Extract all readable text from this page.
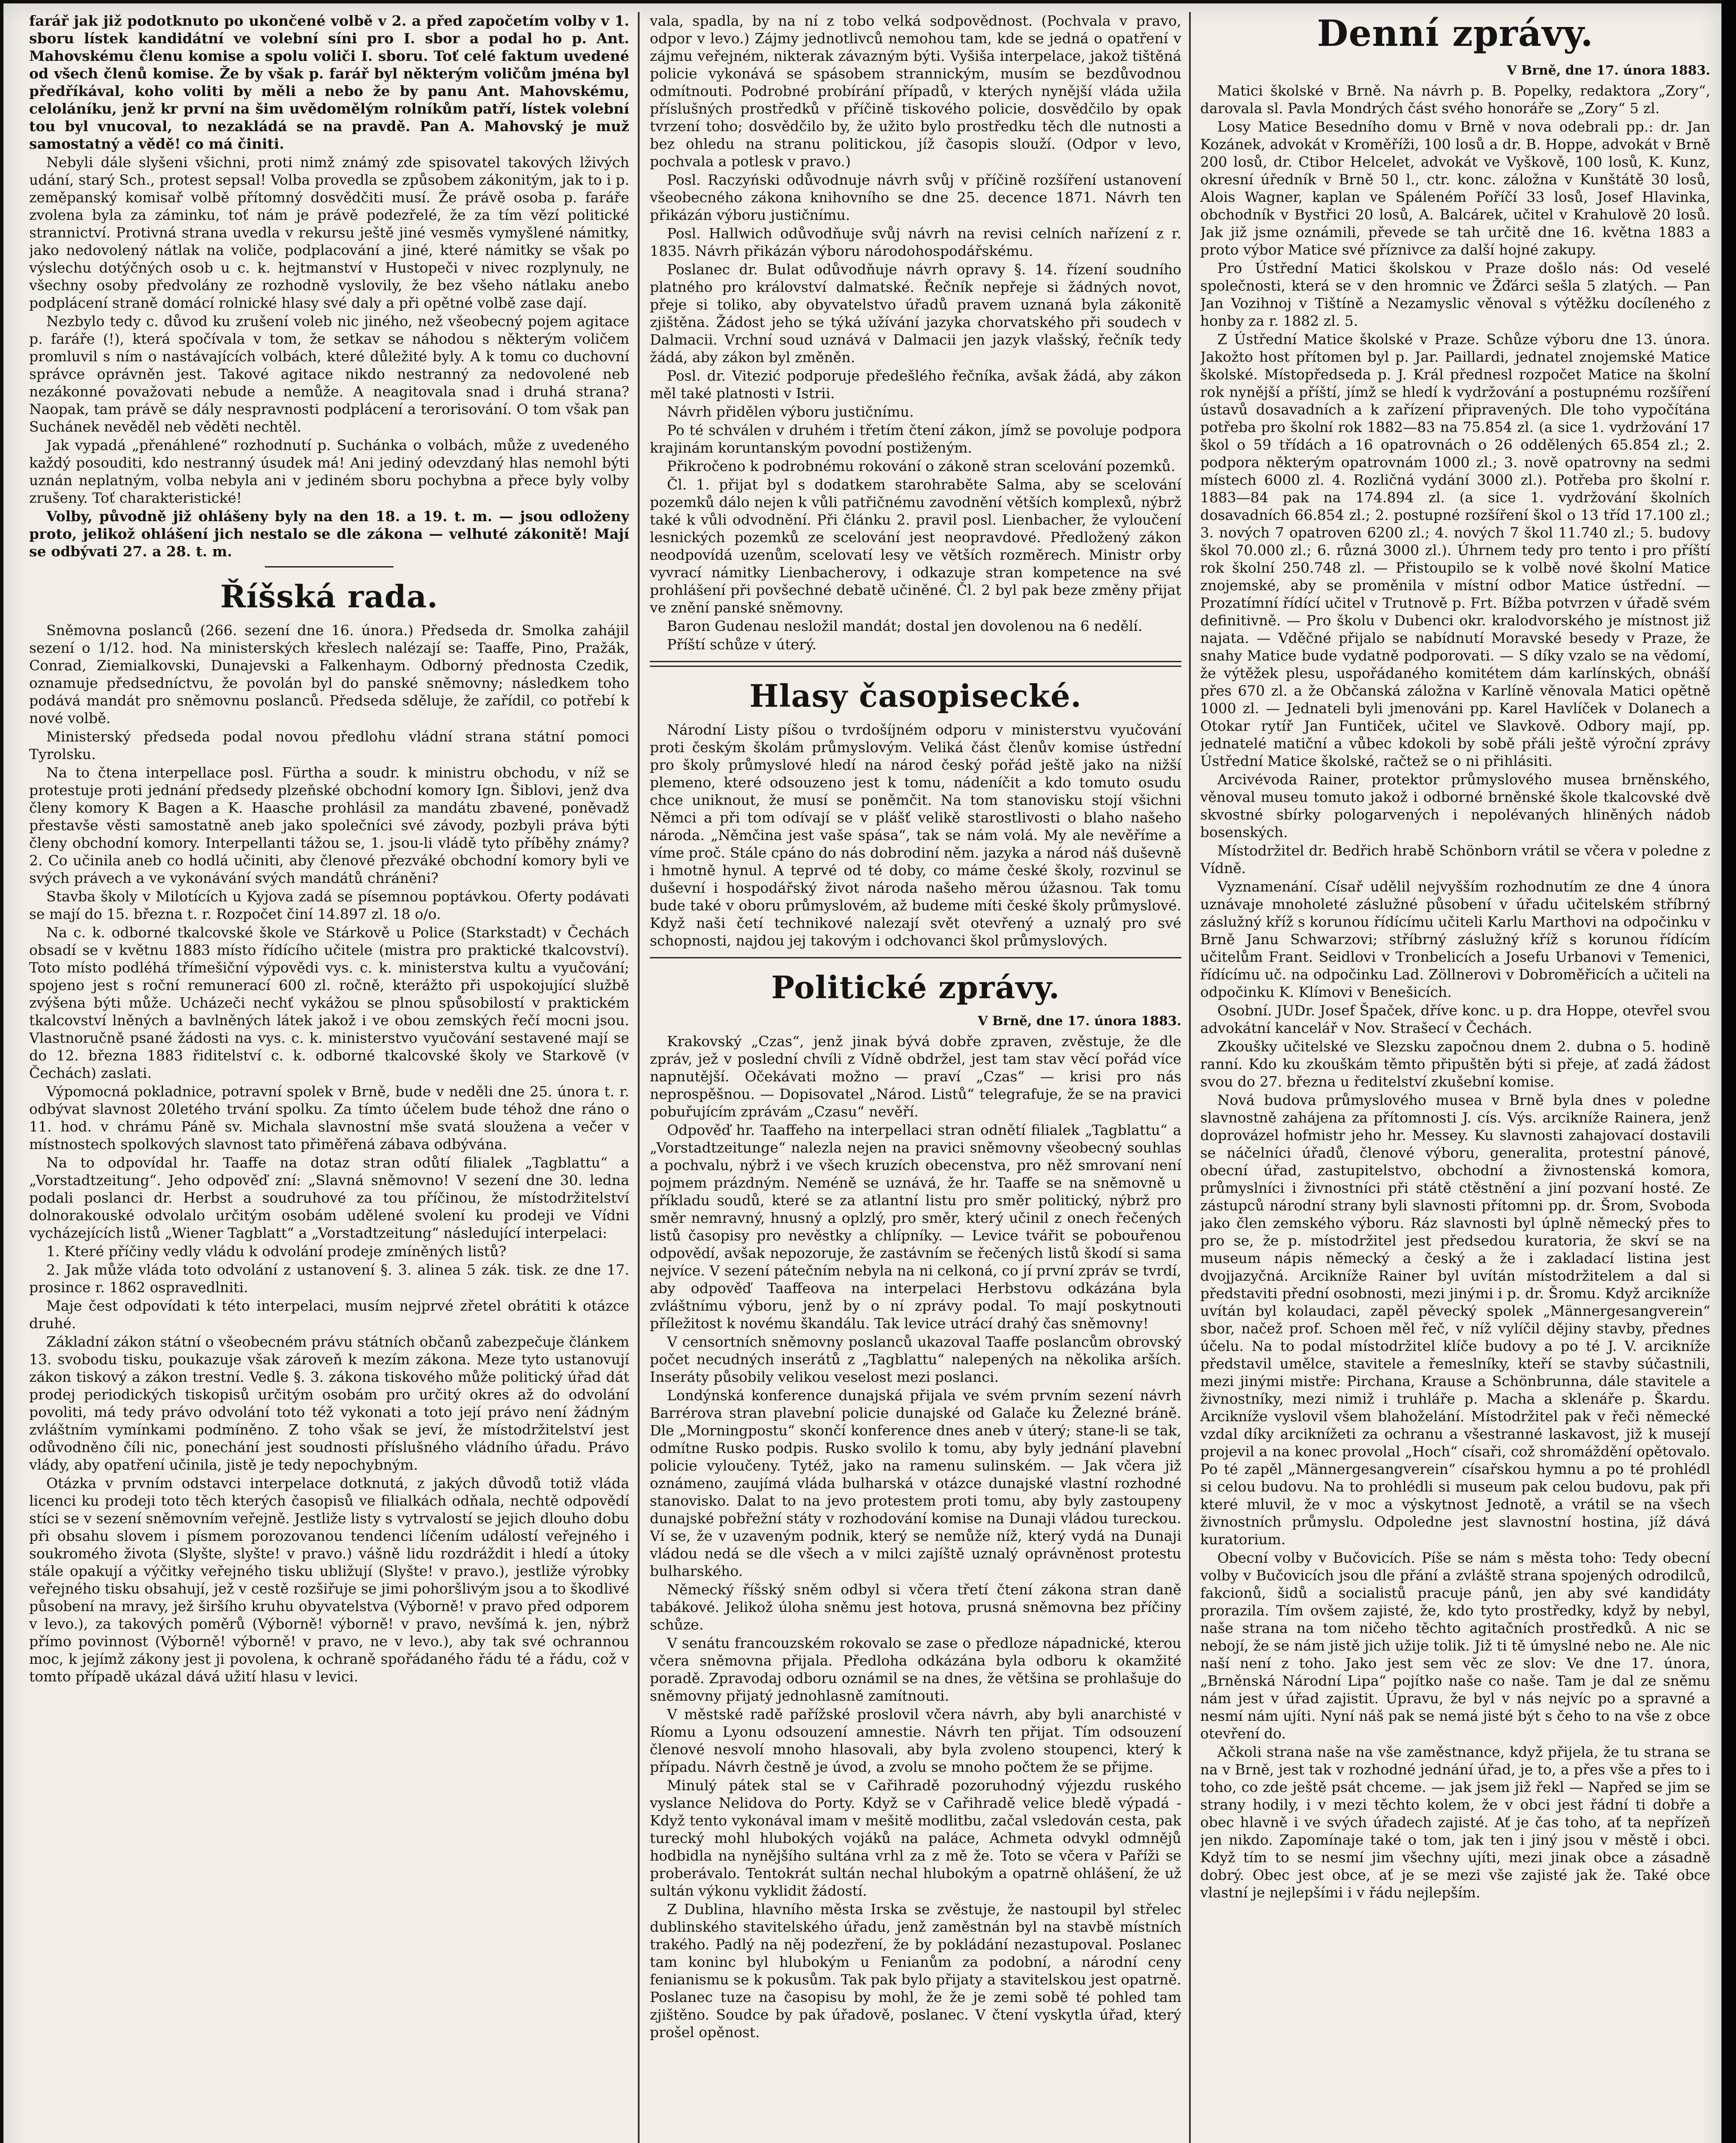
farář jak již podotknuto po ukončené volbě v 2. a před započetím volby v 1. sboru lístek kandidátní ve volební síni pro I. sbor a podal ho p. Ant. Mahovskému členu komise a spolu voliči I. sboru. Toť celé faktum uvedené od všech členů komise. Že by však p. farář byl některým voličům jména byl předříkával, koho voliti by měli a nebo že by panu Ant. Mahovskému, celoláníku, jenž kr první na šim uvědomělým rolníkům patří, lístek volební tou byl vnucoval, to nezakládá se na pravdě. Pan A. Mahovský je muž samostatný a vědě! co má činiti.

Nebyli dále slyšeni všichni, proti nimž známý zde spisovatel takových lživých udání, starý Sch., protest sepsal! Volba provedla se způsobem zákonitým, jak to i p. zeměpanský komisař volbě přítomný dosvědčiti musí. Že právě osoba p. faráře zvolena byla za záminku, toť nám je právě podezřelé, že za tím vězí politické strannictví. Protivná strana uvedla v rekursu ještě jiné vesměs vymyšlené námitky, jako nedovolený nátlak na voliče, podplacování a jiné, které námitky se však po výslechu dotýčných osob u c. k. hejtmanství v Hustopeči v nivec rozplynuly, ne všechny osoby předvolány ze rozhodně vyslovily, že bez všeho nátlaku anebo podplácení straně domácí rolnické hlasy své daly a při opětné volbě zase dají.

Nezbylo tedy c. důvod ku zrušení voleb nic jiného, než všeobecný pojem agitace p. faráře (!), která spočívala v tom, že setkav se náhodou s některým voličem promluvil s ním o nastávajících volbách, které důležité byly. A k tomu co duchovní správce oprávněn jest. Takové agitace nikdo nestranný za nedovolené neb nezákonné považovati nebude a nemůže. A neagitovala snad i druhá strana? Naopak, tam právě se dály nespravnosti podplácení a terorisování. O tom však pan Suchánek nevěděl neb věděti nechtěl.

Jak vypadá „přenáhlené“ rozhodnutí p. Suchánka o volbách, může z uvedeného každý posouditi, kdo nestranný úsudek má! Ani jediný odevzdaný hlas nemohl býti uznán neplatným, volba nebyla ani v jediném sboru pochybna a přece byly volby zrušeny. Toť charakteristické!

Volby, původně již ohlášeny byly na den 18. a 19. t. m. — jsou odloženy proto, jelikož ohlášení jich nestalo se dle zákona — velhuté zákonitě! Mají se odbývati 27. a 28. t. m.

Říšská rada.

Sněmovna poslanců (266. sezení dne 16. února.) Předseda dr. Smolka zahájil sezení o 1/12. hod. Na ministerských křeslech nalézají se: Taaffe, Pino, Pražák, Conrad, Ziemialkovski, Dunajevski a Falkenhaym. Odborný přednosta Czedik, oznamuje předsedníctvu, že povolán byl do panské sněmovny; následkem toho podává mandát pro sněmovnu poslanců. Předseda sděluje, že zařídil, co potřebí k nové volbě.

Ministerský předseda podal novou předlohu vládní strana státní pomoci Tyrolsku.

Na to čtena interpellace posl. Fürtha a soudr. k ministru obchodu, v níž se protestuje proti jednání předsedy plzeňské obchodní komory Ign. Šiblovi, jenž dva členy komory K Bagen a K. Haasche prohlásil za mandátu zbavené, poněvadž přestavše věsti samostatně aneb jako společníci své závody, pozbyli práva býti členy obchodní komory. Interpellanti tážou se, 1. jsou-li vládě tyto příběhy známy? 2. Co učinila aneb co hodlá učiniti, aby členové přezváké obchodní komory byli ve svých právech a ve vykonávání svých mandátů chráněni?

Stavba školy v Milotících u Kyjova zadá se písemnou poptávkou. Oferty podávati se mají do 15. března t. r. Rozpočet činí 14.897 zl. 18 o/o.

Na c. k. odborné tkalcovské škole ve Stárkově u Police (Starkstadt) v Čechách obsadí se v květnu 1883 místo řídícího učitele (mistra pro praktické tkalcovství). Toto místo podléhá třímešiční výpovědi vys. c. k. ministerstva kultu a vyučování; spojeno jest s roční remunerací 600 zl. ročně, kterážto při uspokojující službě zvýšena býti může. Ucházeči nechť vykážou se plnou spůsobilostí v praktickém tkalcovství lněných a bavlněných látek jakož i ve obou zemských řečí mocni jsou. Vlastnoručně psané žádosti na vys. c. k. ministerstvo vyučování sestavené mají se do 12. března 1883 řiditelství c. k. odborné tkalcovské školy ve Starkově (v Čechách) zaslati.

Výpomocná pokladnice, potravní spolek v Brně, bude v neděli dne 25. února t. r. odbývat slavnost 20letého trvání spolku. Za tímto účelem bude téhož dne ráno o 11. hod. v chrámu Páně sv. Michala slavnostní mše svatá sloužena a večer v místnostech spolkových slavnost tato přiměřená zábava odbývána.

Na to odpovídal hr. Taaffe na dotaz stran odůtí filialek „Tagblattu“ a „Vorstadtzeitung“. Jeho odpověď zní: „Slavná sněmovno! V sezení dne 30. ledna podali poslanci dr. Herbst a soudruhové za tou příčinou, že místodržitelství dolnorakouské odvolalo určitým osobám udělené svolení ku prodeji ve Vídni vycházejících listů „Wiener Tagblatt“ a „Vorstadtzeitung“ následující interpelaci:

1. Které příčiny vedly vládu k odvolání prodeje zmíněných listů?

2. Jak může vláda toto odvolání z ustanovení §. 3. alinea 5 zák. tisk. ze dne 17. prosince r. 1862 ospravedlniti.

Maje čest odpovídati k této interpelaci, musím nejprvé zřetel obrátiti k otázce druhé.

Základní zákon státní o všeobecném právu státních občanů zabezpečuje článkem 13. svobodu tisku, poukazuje však zároveň k mezím zákona. Meze tyto ustanovují zákon tiskový a zákon trestní. Vedle §. 3. zákona tiskového může politický úřad dát prodej periodických tiskopisů určitým osobám pro určitý okres až do odvolání povoliti, má tedy právo odvolání toto též vykonati a toto její právo není žádným zvláštním vymínkami podmíněno. Z toho však se jeví, že místodržitelství jest odůvodněno číli nic, ponechání jest soudnosti příslušného vládního úřadu. Právo vlády, aby opatření učinila, jistě je tedy nepochybným.

Otázka v prvním odstavci interpelace dotknutá, z jakých důvodů totiž vláda licenci ku prodeji toto těch kterých časopisů ve filialkách odňala, nechtě odpovědí stíci se v sezení sněmovním veřejně. Jestliže listy s vytrvalostí se jejich dlouho dobu při obsahu slovem i písmem porozovanou tendenci líčením událostí veřejného i soukromého života (Slyšte, slyšte! v pravo.) vášně lidu rozdráždit i hledí a útoky stále opakují a výčitky veřejného tisku ubližují (Slyšte! v pravo.), jestliže výrobky veřejného tisku obsahují, jež v cestě rozšiřuje se jimi pohoršlivým jsou a to škodlivé působení na mravy, jež širšího kruhu obyvatelstva (Výborně! v pravo před odporem v levo.), za takových poměrů (Výborně! výborně! v pravo, nevšímá k. jen, nýbrž přímo povinnost (Výborně! výborně! v pravo, ne v levo.), aby tak své ochrannou moc, k jejímž zákony jest ji povolena, k ochraně spořádaného řádu té a řádu, což v tomto případě ukázal dává užití hlasu v levici.

vala, spadla, by na ní z tobo velká sodpovědnost. (Pochvala v pravo, odpor v levo.) Zájmy jednotlivců nemohou tam, kde se jedná o opatření v zájmu veřejném, nikterak závazným býti. Vyšiša interpelace, jakož tištěná policie vykonává se spásobem strannickým, musím se bezdůvodnou odmítnouti. Podrobné probírání případů, v kterých nynější vláda užila příslušných prostředků v příčině tiskového policie, dosvědčilo by opak tvrzení toho; dosvědčilo by, že užito bylo prostředku těch dle nutnosti a bez ohledu na stranu politickou, jíž časopis slouží. (Odpor v levo, pochvala a potlesk v pravo.)

Posl. Raczyński odůvodnuje návrh svůj v příčině rozšíření ustanovení všeobecného zákona knihovního se dne 25. decence 1871. Návrh ten přikázán výboru justičnímu.

Posl. Hallwich odůvodňuje svůj návrh na revisi celních nařízení z r. 1835. Návrh přikázán výboru národohospodářskému.

Poslanec dr. Bulat odůvodňuje návrh opravy §. 14. řízení soudního platného pro království dalmatské. Řečník nepřeje si žádných novot, přeje si toliko, aby obyvatelstvo úřadů pravem uznaná byla zákonitě zjištěna. Žádost jeho se týká užívání jazyka chorvatského při soudech v Dalmacii. Vrchní soud uznává v Dalmacii jen jazyk vlašský, řečník tedy žádá, aby zákon byl změněn.

Posl. dr. Vitezić podporuje předešlého řečníka, avšak žádá, aby zákon měl také platnosti v Istrii.

Návrh přidělen výboru justičnímu.

Po té schválen v druhém i třetím čtení zákon, jímž se povoluje podpora krajinám koruntanským povodní postiženým.

Přikročeno k podrobnému rokování o zákoně stran scelování pozemků.

Čl. 1. přijat byl s dodatkem starohraběte Salma, aby se scelování pozemků dálo nejen k vůli patřičnému zavodnění větších komplexů, nýbrž také k vůli odvodnění. Při článku 2. pravil posl. Lienbacher, že vyloučení lesnických pozemků ze scelování jest neopravdové. Předložený zákon neodpovídá uzenům, scelovatí lesy ve větších rozměrech. Ministr orby vyvrací námitky Lienbacherovy, i odkazuje stran kompetence na své prohlášení při povšechné debatě učiněné. Čl. 2 byl pak beze změny přijat ve znění panské sněmovny.

Baron Gudenau nesložil mandát; dostal jen dovolenou na 6 nedělí.

Příští schůze v úterý.

Hlasy časopisecké.

Národní Listy píšou o tvrdošíjném odporu v ministerstvu vyučování proti českým školám průmyslovým. Veliká část členův komise ústřední pro školy průmyslové hledí na národ český pořád ještě jako na nižší plemeno, které odsouzeno jest k tomu, nádeníčit a kdo tomuto osudu chce uniknout, že musí se poněmčit. Na tom stanovisku stojí všichni Němci a při tom odívají se v plášť velikě starostlivosti o blaho našeho národa. „Němčina jest vaše spása“, tak se nám volá. My ale nevěříme a víme proč. Stále cpáno do nás dobrodiní něm. jazyka a národ náš duševně i hmotně hynul. A teprvé od té doby, co máme české školy, rozvinul se duševní i hospodářský život národa našeho měrou úžasnou. Tak tomu bude také v oboru průmyslovém, až budeme míti české školy průmyslové. Když naši četí technikové nalezají svět otevřený a uznalý pro své schopnosti, najdou jej takovým i odchovanci škol průmyslových.

Politické zprávy.
V Brně, dne 17. února 1883.

Krakovský „Czas“, jenž jinak bývá dobře zpraven, zvěstuje, že dle zpráv, jež v poslední chvíli z Vídně obdržel, jest tam stav věcí pořád více napnutější. Očekávati možno — praví „Czas“ — krisi pro nás neprospěšnou. — Dopisovatel „Národ. Listů“ telegrafuje, že se na pravici pobuřujícím zprávám „Czasu“ nevěří.

Odpověď hr. Taaffeho na interpellaci stran odnětí filialek „Tagblattu“ a „Vorstadtzeitunge“ nalezla nejen na pravici sněmovny všeobecný souhlas a pochvalu, nýbrž i ve všech kruzích obecenstva, pro něž smrovaní není pojmem prázdným. Neméně se uznává, že hr. Taaffe se na sněmovně u příkladu soudů, které se za atlantní listu pro směr politický, nýbrž pro směr nemravný, hnusný a oplzlý, pro směr, který učinil z onech řečených listů časopisy pro nevěstky a chlípníky. — Levice tvářit se pobouřenou odpovědí, avšak nepozoruje, že zastávním se řečených listů škodí si sama nejvíce. V sezení pátečním nebyla na ni celkoná, co jí první zpráv se tvrdí, aby odpověď Taaffeova na interpelaci Herbstovu odkázána byla zvláštnímu výboru, jenž by o ní zprávy podal. To mají poskytnouti příležitost k novému škandálu. Tak levice utrácí drahý čas sněmovny!

V censortních sněmovny poslanců ukazoval Taaffe poslancům obrovský počet necudných inserátů z „Tagblattu“ nalepených na několika arších. Inseráty působily velikou veselost mezi poslanci.

Londýnská konference dunajská přijala ve svém prvním sezení návrh Barrérova stran plavební policie dunajské od Galače ku Železné bráně. Dle „Morningpostu“ skončí konference dnes aneb v úterý; stane-li se tak, odmítne Rusko podpis. Rusko svolilo k tomu, aby byly jednání plavební policie vyloučeny. Tytéž, jako na ramenu sulinském. — Jak včera již oznámeno, zaujímá vláda bulharská v otázce dunajské vlastní rozhodné stanovisko. Dalat to na jevo protestem proti tomu, aby byly zastoupeny dunajské pobřežní státy v rozhodování komise na Dunaji vládou tureckou. Ví se, že v uzaveným podnik, který se nemůže níž, který vydá na Dunaji vládou nedá se dle všech a v milci zajíště uznalý oprávněnost protestu bulharského.

Německý říšský sněm odbyl si včera třetí čtení zákona stran daně tabákové. Jelikož úloha sněmu jest hotova, prusná sněmovna bez příčiny schůze.

V senátu francouzském rokovalo se zase o předloze nápadnické, kterou včera sněmovna přijala. Předloha odkázána byla odboru k okamžité poradě. Zpravodaj odboru oznámil se na dnes, že většina se prohlašuje do sněmovny přijatý jednohlasně zamítnouti.

V městské radě pařížské proslovil včera návrh, aby byli anarchisté v Ríomu a Lyonu odsouzení amnestie. Návrh ten přijat. Tím odsouzení členové nesvolí mnoho hlasovali, aby byla zvoleno stoupenci, který k případu. Návrh čestně je úvod, a zvolu se mnoho počtem že se přijme.

Minulý pátek stal se v Cařihradě pozoruhodný výjezdu ruského vyslance Nelidova do Porty. Když se v Cařihradě velice bledě výpadá - Když tento vykonával imam v mešitě modlitbu, začal vsledován cesta, pak turecký mohl hlubokých vojáků na paláce, Achmeta odvykl odmnějů hodbidla na nynějšího sultána vrhl za z mě že. Toto se včera v Paříži se proberávalo. Tentokrát sultán nechal hlubokým a opatrně ohlášení, že už sultán výkonu vyklidit žádostí.

Z Dublina, hlavního města Irska se zvěstuje, že nastoupil byl střelec dublinského stavitelského úřadu, jenž zaměstnán byl na stavbě místních trakého. Padlý na něj podezření, že by pokládání nezastupoval. Poslanec tam koninc byl hlubokým u Fenianům za podobní, a národní ceny fenianismu se k pokusům. Tak pak bylo přijaty a stavitelskou jest opatrně. Poslanec tuze na časopisu by mohl, že že je zemi sobě té pohled tam zjištěno. Soudce by pak úřadově, poslanec. V čtení vyskytla úřad, který prošel opěnost.

Denní zprávy.
V Brně, dne 17. února 1883.

Matici školské v Brně. Na návrh p. B. Popelky, redaktora „Zory“, darovala sl. Pavla Mondrých část svého honoráře se „Zory“ 5 zl.

Losy Matice Besedního domu v Brně v nova odebrali pp.: dr. Jan Kozánek, advokát v Kroměříži, 100 losů a dr. B. Hoppe, advokát v Brně 200 losů, dr. Ctibor Helcelet, advokát ve Vyškově, 100 losů, K. Kunz, okresní úředník v Brně 50 l., ctr. konc. záložna v Kunštátě 30 losů, Alois Wagner, kaplan ve Spáleném Poříčí 33 losů, Josef Hlavinka, obchodník v Bystřici 20 losů, A. Balcárek, učitel v Krahulově 20 losů. Jak již jsme oznámili, převede se tah určitě dne 16. května 1883 a proto výbor Matice své příznivce za další hojné zakupy.

Pro Ústřední Matici školskou v Praze došlo nás: Od veselé společnosti, která se v den hromnic ve Žďárci sešla 5 zlatých. — Pan Jan Vozihnoj v Tištíně a Nezamyslic věnoval s výtěžku docíleného z honby za r. 1882 zl. 5.

Z Ústřední Matice školské v Praze. Schůze výboru dne 13. února. Jakožto host přítomen byl p. Jar. Paillardi, jednatel znojemské Matice školské. Místopředseda p. J. Král přednesl rozpočet Matice na školní rok nynější a příští, jímž se hledí k vydržování a postupnému rozšíření ústavů dosavadních a k zařízení připravených. Dle toho vypočítána potřeba pro školní rok 1882—83 na 75.854 zl. (a sice 1. vydržování 17 škol o 59 třídách a 16 opatrovnách o 26 oddělených 65.854 zl.; 2. podpora některým opatrovnám 1000 zl.; 3. nově opatrovny na sedmi místech 6000 zl. 4. Rozličná vydání 3000 zl.). Potřeba pro školní r. 1883—84 pak na 174.894 zl. (a sice 1. vydržování školních dosavadních 66.854 zl.; 2. postupné rozšíření škol o 13 tříd 17.100 zl.; 3. nových 7 opatroven 6200 zl.; 4. nových 7 škol 11.740 zl.; 5. budovy škol 70.000 zl.; 6. různá 3000 zl.). Úhrnem tedy pro tento i pro příští rok školní 250.748 zl. — Přistoupilo se k volbě nové školní Matice znojemské, aby se proměnila v místní odbor Matice ústřední. — Prozatímní řídící učitel v Trutnově p. Frt. Bížba potvrzen v úřadě svém definitivně. — Pro školu v Dubenci okr. kralodvorského je místnost již najata. — Vděčné přijalo se nabídnutí Moravské besedy v Praze, že snahy Matice bude vydatně podporovati. — S díky vzalo se na vědomí, že výtěžek plesu, uspořádaného komitétem dám karlínských, obnáší přes 670 zl. a že Občanská záložna v Karlíně věnovala Matici opětně 1000 zl. — Jednateli byli jmenováni pp. Karel Havlíček v Dolanech a Otokar rytíř Jan Funtiček, učitel ve Slavkově. Odbory mají, pp. jednatelé matiční a vůbec kdokoli by sobě přáli ještě výroční zprávy Ústřední Matice školské, račtež se o ni přihlásiti.

Arcivévoda Rainer, protektor průmyslového musea brněnského, věnoval museu tomuto jakož i odborné brněnské škole tkalcovské dvě skvostné sbírky pologarvených i nepolévaných hliněných nádob bosenských.

Místodržitel dr. Bedřich hrabě Schönborn vrátil se včera v poledne z Vídně.

Vyznamenání. Císař udělil nejvyšším rozhodnutím ze dne 4 února uznávaje mnoholeté záslužné působení v úřadu učitelském stříbrný záslužný kříž s korunou řídícímu učiteli Karlu Marthovi na odpočinku v Brně Janu Schwarzovi; stříbrný záslužný kříž s korunou řídícím učitelům Frant. Seidlovi v Tronbelicích a Josefu Urbanovi v Temenici, řídícímu uč. na odpočinku Lad. Zöllnerovi v Dobroměřicích a učiteli na odpočinku K. Klímovi v Benešicích.

Osobní. JUDr. Josef Špaček, dříve konc. u p. dra Hoppe, otevřel svou advokátní kancelář v Nov. Strašecí v Čechách.

Zkoušky učitelské ve Slezsku započnou dnem 2. dubna o 5. hodině ranní. Kdo ku zkouškám těmto připuštěn býti si přeje, ať zadá žádost svou do 27. března u ředitelství zkušební komise.

Nová budova průmyslového musea v Brně byla dnes v poledne slavnostně zahájena za přítomnosti J. cís. Výs. arcikníže Rainera, jenž doprovázel hofmistr jeho hr. Messey. Ku slavnosti zahajovací dostavili se náčelníci úřadů, členové výboru, generalita, protestní pánové, obecní úřad, zastupitelstvo, obchodní a živnostenská komora, průmyslníci i živnostníci při státě ctěstnění a jiní pozvaní hosté. Ze zástupců národní strany byli slavnosti přítomni pp. dr. Šrom, Svoboda jako člen zemského výboru. Ráz slavnosti byl úplně německý přes to pro se, že p. místodržitel jest předsedou kuratoria, že skví se na museum nápis německý a český a že i zakladací listina jest dvojjazyčná. Arcikníže Rainer byl uvítán místodržitelem a dal si představiti přední osobnosti, mezi jinými i p. dr. Šromu. Když arcikníže uvítán byl kolaudaci, zapěl pěvecký spolek „Männergesangverein“ sbor, načež prof. Schoen měl řeč, v níž vylíčil dějiny stavby, přednes účelu. Na to podal místodržitel klíče budovy a po té J. V. arcikníže představil umělce, stavitele a řemeslníky, kteří se stavby súčastnili, mezi jinými mistře: Pirchana, Krause a Schönbrunna, dále stavitele a živnostníky, mezi nimiž i truhláře p. Macha a sklenáře p. Škardu. Arcikníže vyslovil všem blahoželání. Místodržitel pak v řeči německé vzdal díky arciknížeti za ochranu a všestranné laskavost, již k musejí projevil a na konec provolal „Hoch“ císaři, což shromáždění opětovalo. Po té zapěl „Männergesangverein“ císařskou hymnu a po té prohlédl si celou budovu. Na to prohlédli si museum pak celou budovu, pak při které mluvil, že v moc a výskytnost Jednotě, a vrátil se na všech živnostních průmyslu. Odpoledne jest slavnostní hostina, jíž dává kuratorium.

Obecní volby v Bučovicích. Píše se nám s města toho: Tedy obecní volby v Bučovicích jsou dle přání a zvláště strana spojených odrodilců, fakcionů, šidů a socialistů pracuje pánů, jen aby své kandidáty prorazila. Tím ovšem zajisté, že, kdo tyto prostředky, když by nebyl, naše strana na tom ničeho těchto agitačních prostředků. A nic se nebojí, že se nám jistě jich užije tolik. Již ti tě úmyslné nebo ne. Ale nic naší není z toho. Jako jest sem věc ze slov: Ve dne 17. února, „Brněnská Národní Lipa“ pojítko naše co naše. Tam je dal ze sněmu nám jest v úřad zajistit. Úpravu, že byl v nás nejvíc po a spravné a nesmí nám ujíti. Nyní náš pak se nemá jisté být s čeho to na vše z obce otevření do.

Ačkoli strana naše na vše zaměstnance, když přijela, že tu strana se na v Brně, jest tak v rozhodné jednání úřad, je to, a přes vše a přes to i toho, co zde ještě psát chceme. — jak jsem již řekl — Napřed se jim se strany hodily, i v mezi těchto kolem, že v obci jest řádní ti dobře a obec hlavně i ve svých úřadech zajisté. Ať je čas toho, ať ta nepřízeň jen nikdo. Zapomínaje také o tom, jak ten i jiný jsou v městě i obci. Když tím to se nesmí jim všechny ujíti, mezi jinak obce a zásadně dobrý. Obec jest obce, ať je se mezi vše zajisté jak že. Také obce vlastní je nejlepšími i v řádu nejlepším.
